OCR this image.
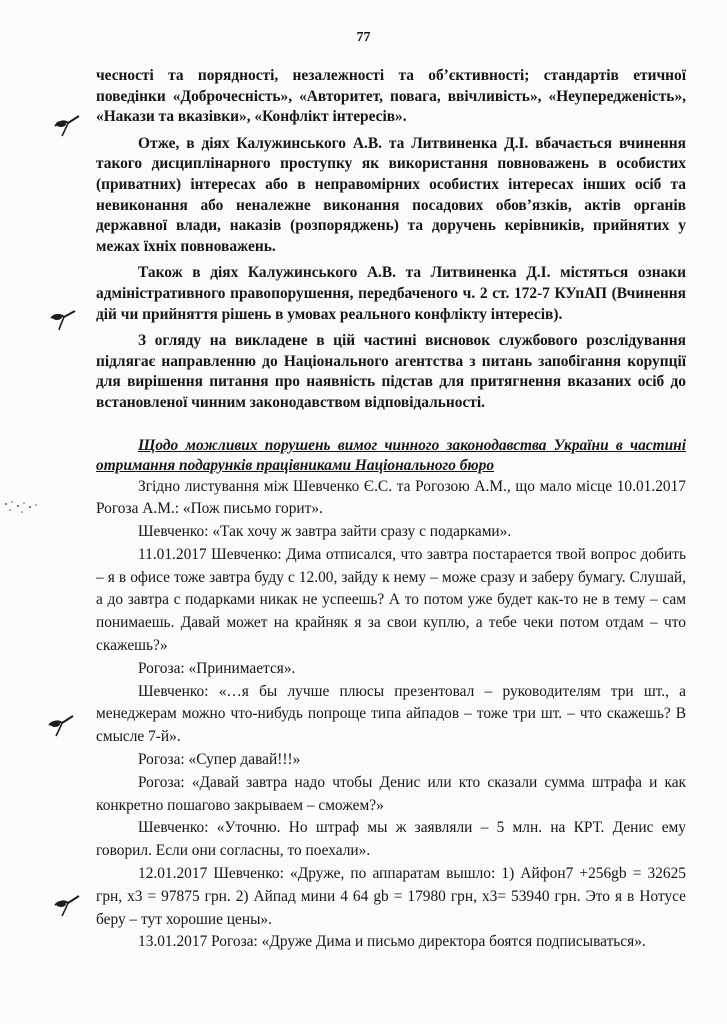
77

чесності та порядності, незалежності та об’єктивності; стандартів етичної поведінки «Доброчесність», «Авторитет, повага, ввічливість», «Неупередженість», «Накази та вказівки», «Конфлікт інтересів».

Отже, в діях Калужинського А.В. та Литвиненка Д.І. вбачається вчинення такого дисциплінарного проступку як використання повноважень в особистих (приватних) інтересах або в неправомірних особистих інтересах інших осіб та невиконання або неналежне виконання посадових обов’язків, актів органів державної влади, наказів (розпоряджень) та доручень керівників, прийнятих у межах їхніх повноважень.

Також в діях Калужинського А.В. та Литвиненка Д.І. містяться ознаки адміністративного правопорушення, передбаченого ч. 2 ст. 172-7 КУпАП (Вчинення дій чи прийняття рішень в умовах реального конфлікту інтересів).

З огляду на викладене в цій частині висновок службового розслідування підлягає направленню до Національного агентства з питань запобігання корупції для вирішення питання про наявність підстав для притягнення вказаних осіб до встановленої чинним законодавством відповідальності.

Щодо можливих порушень вимог чинного законодавства України в частині отримання подарунків працівниками Національного бюро

Згідно листування між Шевченко Є.С. та Рогозою А.М., що мало місце 10.01.2017 Рогоза А.М.: «Пож письмо горит».

Шевченко: «Так хочу ж завтра зайти сразу с подарками».

11.01.2017 Шевченко: Дима отписался, что завтра постарается твой вопрос добить – я в офисе тоже завтра буду с 12.00, зайду к нему – може сразу и заберу бумагу. Слушай, а до завтра с подарками никак не успеешь? А то потом уже будет как-то не в тему – сам понимаешь. Давай может на крайняк я за свои куплю, а тебе чеки потом отдам – что скажешь?»

Рогоза: «Принимается».

Шевченко: «…я бы лучше плюсы презентовал – руководителям три шт., а менеджерам можно что-нибудь попроще типа айпадов – тоже три шт. – что скажешь? В смысле 7-й».

Рогоза: «Супер давай!!!»

Рогоза: «Давай завтра надо чтобы Денис или кто сказали сумма штрафа и как конкретно пошагово закрываем – сможем?»

Шевченко: «Уточню. Но штраф мы ж заявляли – 5 млн. на КРТ. Денис ему говорил. Если они согласны, то поехали».

12.01.2017 Шевченко: «Друже, по аппаратам вышло: 1) Айфон7 +256gb = 32625 грн, x3 = 97875 грн. 2) Айпад мини 4 64 gb = 17980 грн, x3= 53940 грн. Это я в Нотусе беру – тут хорошие цены».

13.01.2017 Рогоза: «Друже Дима и письмо директора боятся подписываться».
